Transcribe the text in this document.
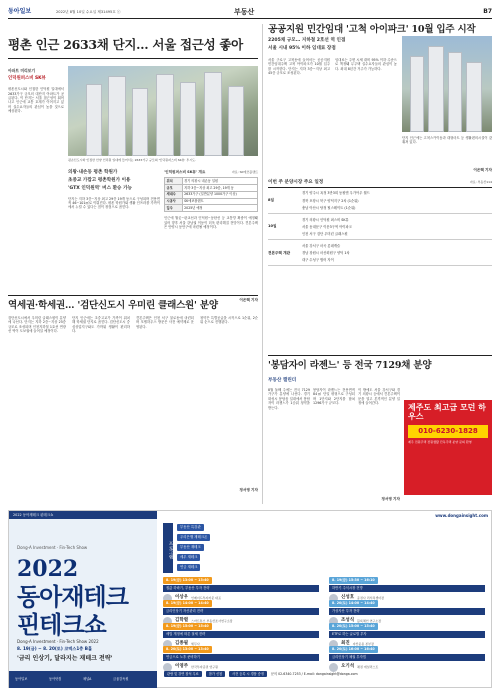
동아일보	2022년 8월 10일 수요일 제31495호 ⓒ	부동산	B7
평촌 인근 2633채 단지… 서울 접근성 좋아
아파트 미리보기
인덕원퍼스비 SK뷰
평촌신도시와 인접한 인덕원 일대에서 2633가구 규모의 대단지 아파트가 공급된다. 이 단지는 서울 접근성이 뛰어나고 인근에 교통 호재가 이어지고 있어 실수요자들의 관심이 높을 것으로 예상된다.
평촌신도시와 인접한 안양 인덕원 일대에 들어서는 2633가구 규모의 '인덕원퍼스비 SK뷰' 투시도.
의왕·내손동 평촌 학원가
초중교 가깝고 평촌학원가 이용
'GTX 인덕원역' 버스 환승 가능
단지는 지하 3층~지상 최고 29층 19개 동으로 구성되며 전용면적 46~101㎡로 이뤄진다. 평촌 학원가와 생활 인프라를 가까이에서 누릴 수 있다는 점이 장점으로 꼽힌다.
'인덕원퍼스비 SK뷰' 개요	자료: SK에코플랜트
위치	경기 의왕시 내손동 일원
규모	지하 3층~지상 최고 29층, 19개 동
세대수	2633가구 (일반분양 1000가구 이상)
시공사	SK에코플랜트
입주	2025년 예정
인근에 월곶~판교선과 인덕원~동탄선 등 교통망 확충이 예정돼 있어 향후 서울 강남권 이동이 더욱 편리해질 전망이다. 견본주택은 안양시 동안구에 마련될 예정이다.
이은택 기자
역세권·학세권… '검단신도시 우미린 클래스원' 분양
검단신도시에서 우미린 클래스원이 분양에 나선다. 단지는 지하 2층~지상 25층 규모로 조성되며 인천지하철 1호선 연장선 역이 도보권에 들어설 예정이다.
단지 인근에는 초중고교가 가까이 위치해 학세권 단지로 꼽힌다. 검단신도시 중심상업지구와도 가까워 생활이 편리하다.
견본주택은 인천 서구 불로동에 마련되며 모델하우스 방문은 사전 예약제로 운영된다.
청약은 특별공급을 시작으로 1순위, 2순위 순으로 진행된다.
정서영 기자
공공지원 민간임대 '고척 아이파크' 10월 입주 시작
2205채 규모… 지하철 2호선 역 인접
서울 시내 95% 이하 임대료 장점
서울 구로구 고척동에 들어서는 공공지원 민간임대주택 고척 아이파크가 10월 입주를 시작한다. 단지는 지하 3층~지상 최고 45층 규모로 조성된다.
임대료는 주변 시세 대비 95% 이하 수준으로 책정돼 무주택 실수요자들의 관심이 높다. 최대 8년간 거주가 가능하다.
단지 인근에는 고척스카이돔과 대형마트 등 생활편의시설이 갖춰져 있다.
이은택 기자
이번 주 분양시장 주요 일정	자료: 부동산114
8일
경기 양주시 옥정 3만3회 동원엔 우가아우 월드
경북 포항시 북구 양덕지구 2차 (1순위)
충남 아산시 탕정 힐스테이트 (1순위)
10일
경기 의왕시 인덕원 퍼스비 SK뷰
서울 동대문구 이문3구역 아이파크
인천 서구 검단 우미린 클래스원
견본주택 개관
서울 강서구 마곡 롯데캐슬
경남 창원시 마산회원구 양덕 1차
대구 수성구 범어 자이
'봉담자이 라젠느' 등 전국 7129채 분양
부동산 캘린더
8월 둘째 주에는 전국 7129가구가 분양에 나선다. 경기 화성시 봉담읍 일대에서 봉담자이 라젠느가 1순위 청약을 받는다.
봉담자이 라젠느는 전용면적 84㎡ 단일 평형으로 구성되며 1단지와 2단지를 합쳐 1296가구 규모다.
이 밖에도 서울 강서구와 경기 의왕시 등에서 견본주택이 문을 열고 본격적인 분양 일정에 들어간다.
정서영 기자
제주도 최고급 모던 하우스
010-6230-1828
제주 전원주택 전원생활 단독주택 분양 문의 환영
2022 동아재테크 핀테크쇼
Dong-A Investment · Fin-Tech Show
2022
동아재테크
핀테크쇼
Dong-A Investment · Fin-Tech Show 2022
8. 19(금) ~ 8. 20(토) 코엑스1층 B홀
'금리 인상기, 달라지는 재테크 전략'
동아일보	동아닷컴	채널A	금융감독원
www.dongainsight.com
프로그램
부동산 특강관
우리은행 재테크존
부동산 재테크
세무 재테크
연금 재테크
8. 19(금) 13:00 ~ 13:40
집값 하락기, 부동산 투자 전략
이상우 인베이드투자자문 대표
8. 19(금) 14:00 ~ 14:40
금리인상기 자산관리 전략
김학렬 스마트튜브 부동산조사연구소장
8. 19(금) 15:00 ~ 15:40
세법 개정에 따른 절세 전략
김종필 세무사
8. 20(토) 13:00 ~ 13:40
연금으로 노후 준비하기
이영주 한국투자증권 연구원
8. 19(금) 15:30 ~ 16:10
하반기 주식시장 전망
신성호 증권사 리서치센터장
8. 20(토) 14:00 ~ 14:40
가상자산 투자 전략
조성식 블록체인 연구소장
8. 20(토) 15:00 ~ 15:40
ETF로 하는 글로벌 투자
최진 자산운용 본부장
8. 20(토) 16:00 ~ 16:40
금리인상기 채권 투자법
오기석 채권 애널리스트
관람 및 강연 참석 무료	참가 신청	사전 등록 시 경품 증정 문의 02-6340-7253 / E-mail: dongainsight@donga.com
